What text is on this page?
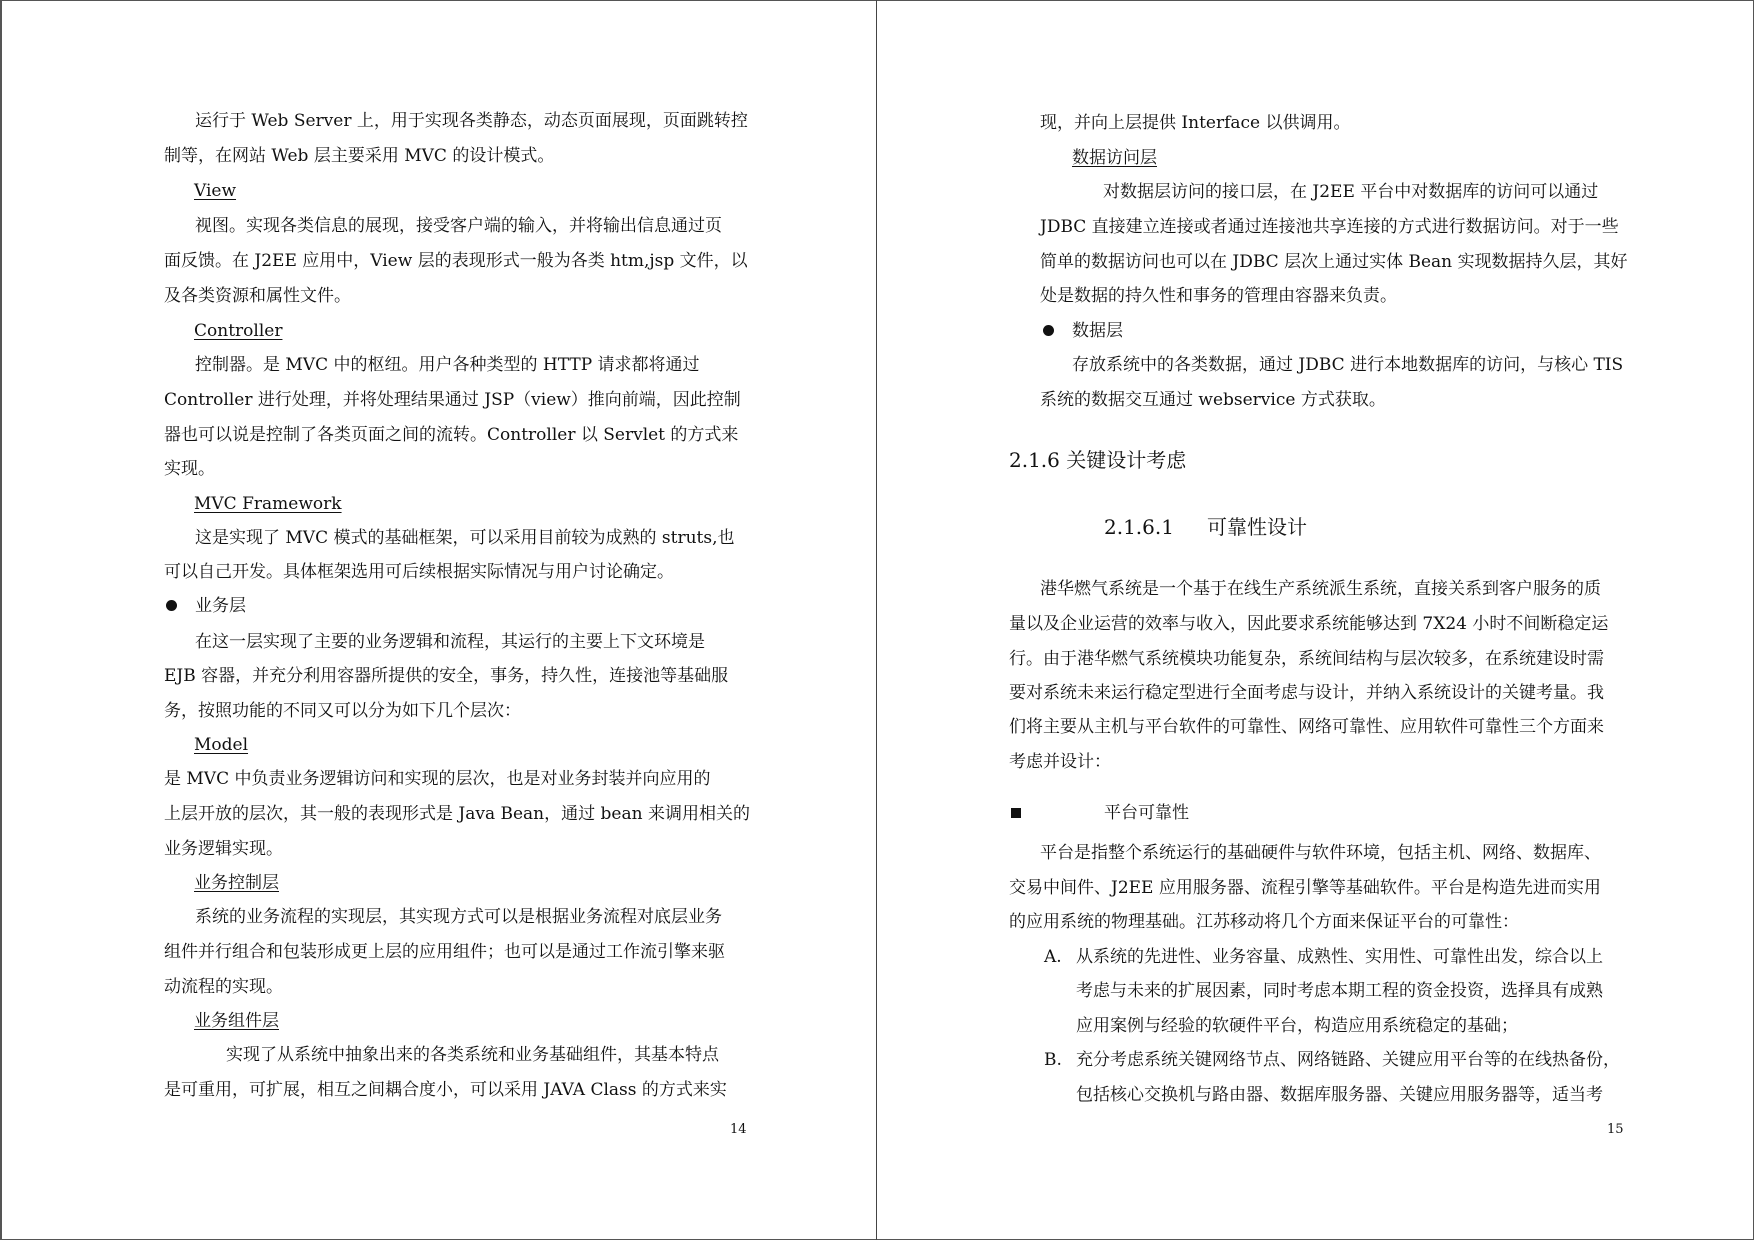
运行于 Web Server 上，用于实现各类静态，动态页面展现，页面跳转控
制等，在网站 Web 层主要采用 MVC 的设计模式。
View
视图。实现各类信息的展现，接受客户端的输入，并将输出信息通过页
面反馈。在 J2EE 应用中，View 层的表现形式一般为各类 htm,jsp 文件，以
及各类资源和属性文件。
Controller
控制器。是 MVC 中的枢纽。用户各种类型的 HTTP 请求都将通过
Controller 进行处理，并将处理结果通过 JSP（view）推向前端，因此控制
器也可以说是控制了各类页面之间的流转。Controller 以 Servlet 的方式来
实现。
MVC Framework
这是实现了 MVC 模式的基础框架，可以采用目前较为成熟的 struts,也
可以自己开发。具体框架选用可后续根据实际情况与用户讨论确定。
业务层
在这一层实现了主要的业务逻辑和流程，其运行的主要上下文环境是
EJB 容器，并充分利用容器所提供的安全，事务，持久性，连接池等基础服
务，按照功能的不同又可以分为如下几个层次：
Model
是 MVC 中负责业务逻辑访问和实现的层次，也是对业务封装并向应用的
上层开放的层次，其一般的表现形式是 Java Bean，通过 bean 来调用相关的
业务逻辑实现。
业务控制层
系统的业务流程的实现层，其实现方式可以是根据业务流程对底层业务
组件并行组合和包装形成更上层的应用组件；也可以是通过工作流引擎来驱
动流程的实现。
业务组件层
实现了从系统中抽象出来的各类系统和业务基础组件，其基本特点
是可重用，可扩展，相互之间耦合度小，可以采用 JAVA Class 的方式来实
14
现，并向上层提供 Interface 以供调用。
数据访问层
对数据层访问的接口层，在 J2EE 平台中对数据库的访问可以通过
JDBC 直接建立连接或者通过连接池共享连接的方式进行数据访问。对于一些
简单的数据访问也可以在 JDBC 层次上通过实体 Bean 实现数据持久层，其好
处是数据的持久性和事务的管理由容器来负责。
数据层
存放系统中的各类数据，通过 JDBC 进行本地数据库的访问，与核心 TIS
系统的数据交互通过 webservice 方式获取。
2.1.6 关键设计考虑
2.1.6.1 可靠性设计
港华燃气系统是一个基于在线生产系统派生系统，直接关系到客户服务的质
量以及企业运营的效率与收入，因此要求系统能够达到 7X24 小时不间断稳定运
行。由于港华燃气系统模块功能复杂，系统间结构与层次较多，在系统建设时需
要对系统未来运行稳定型进行全面考虑与设计，并纳入系统设计的关键考量。我
们将主要从主机与平台软件的可靠性、网络可靠性、应用软件可靠性三个方面来
考虑并设计：
平台可靠性
平台是指整个系统运行的基础硬件与软件环境，包括主机、网络、数据库、
交易中间件、J2EE 应用服务器、流程引擎等基础软件。平台是构造先进而实用
的应用系统的物理基础。江苏移动将几个方面来保证平台的可靠性：
A. 从系统的先进性、业务容量、成熟性、实用性、可靠性出发，综合以上
考虑与未来的扩展因素，同时考虑本期工程的资金投资，选择具有成熟
应用案例与经验的软硬件平台，构造应用系统稳定的基础；
B. 充分考虑系统关键网络节点、网络链路、关键应用平台等的在线热备份，
包括核心交换机与路由器、数据库服务器、关键应用服务器等，适当考
15
